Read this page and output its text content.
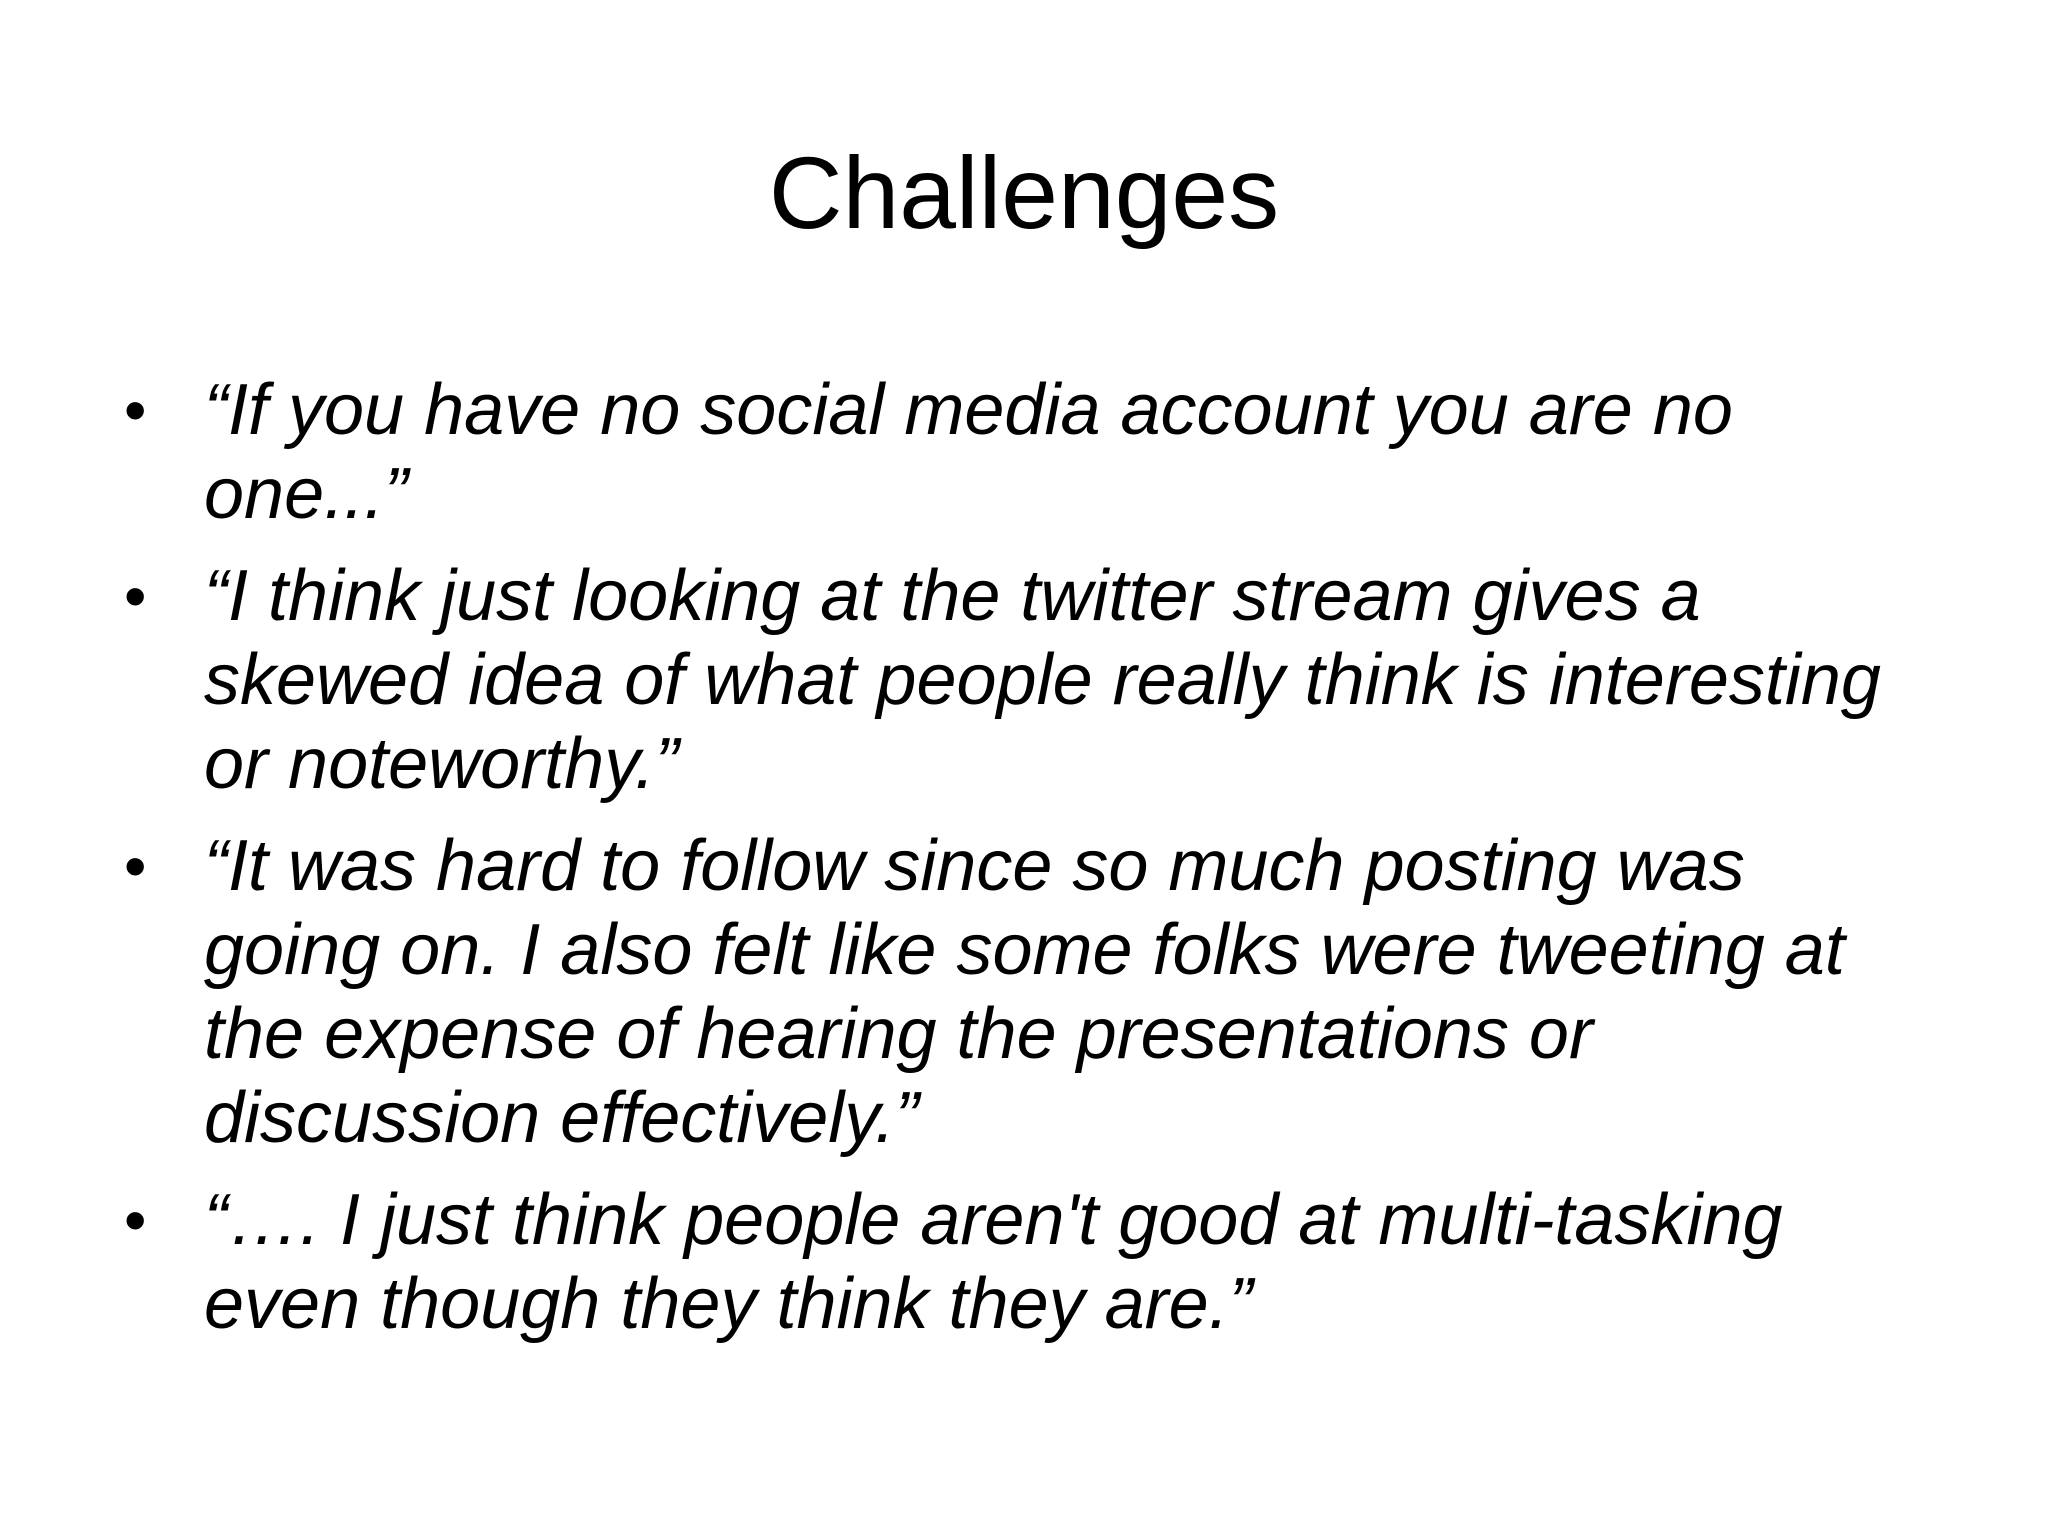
Challenges
• “If you have no social media account you are no one...”
• “I think just looking at the twitter stream gives a skewed idea of what people really think is interesting or noteworthy.”
• “It was hard to follow since so much posting was going on. I also felt like some folks were tweeting at the expense of hearing the presentations or discussion effectively.”
• “…. I just think people aren't good at multi-tasking even though they think they are.”
